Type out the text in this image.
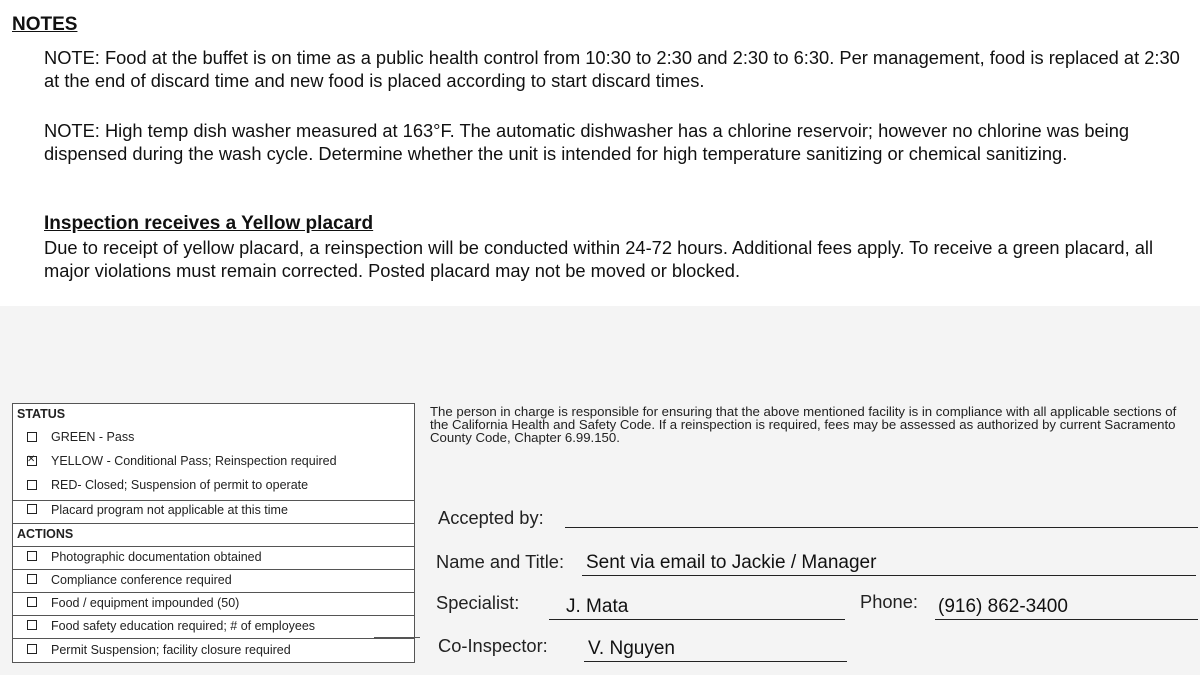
NOTES
NOTE: Food at the buffet is on time as a public health control from 10:30 to 2:30 and 2:30 to 6:30. Per management, food is replaced at 2:30 at the end of discard time and new food is placed according to start discard times.
NOTE: High temp dish washer measured at 163°F. The automatic dishwasher has a chlorine reservoir; however no chlorine was being dispensed during the wash cycle. Determine whether the unit is intended for high temperature sanitizing or chemical sanitizing.
Inspection receives a Yellow placard
Due to receipt of yellow placard, a reinspection will be conducted within 24-72 hours. Additional fees apply. To receive a green placard, all major violations must remain corrected. Posted placard may not be moved or blocked.
STATUS
GREEN - Pass
✕
YELLOW - Conditional Pass; Reinspection required
RED- Closed; Suspension of permit to operate
Placard program not applicable at this time
ACTIONS
Photographic documentation obtained
Compliance conference required
Food / equipment impounded (50)
Food safety education required; # of employees
Permit Suspension; facility closure required
The person in charge is responsible for ensuring that the above mentioned facility is in compliance with all applicable sections of the California Health and Safety Code. If a reinspection is required, fees may be assessed as authorized by current Sacramento County Code, Chapter 6.99.150.
Accepted by:
Name and Title: Sent via email to Jackie / Manager
Specialist: J. Mata	Phone: (916) 862-3400
Co-Inspector: V. Nguyen
